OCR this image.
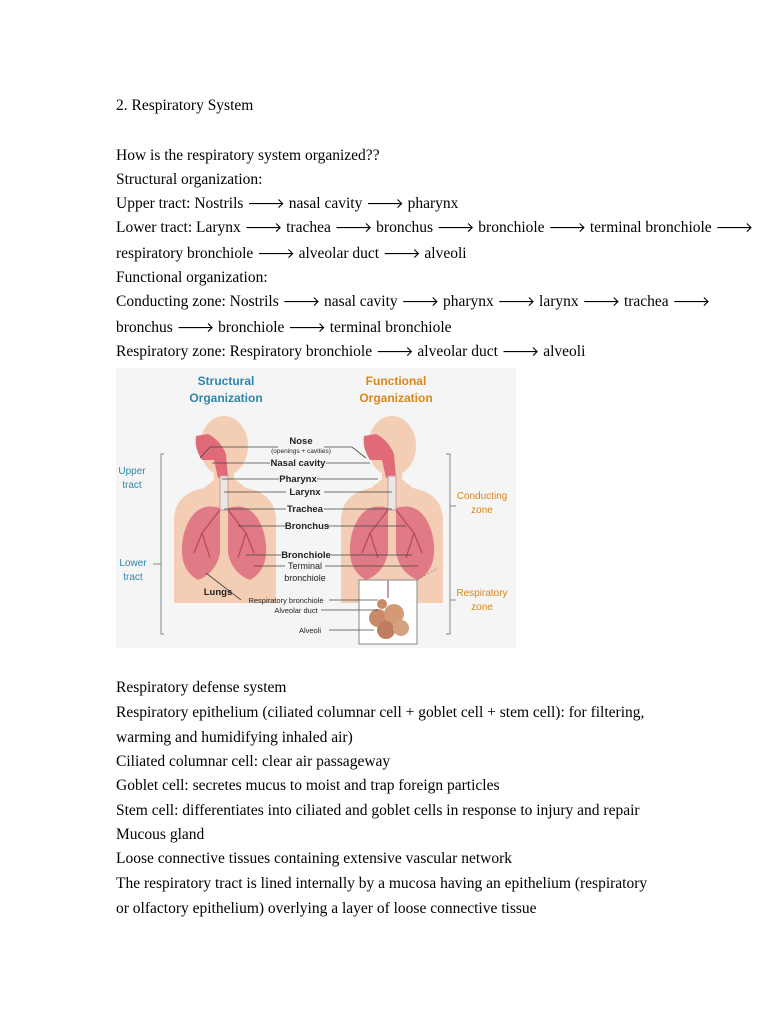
2. Respiratory System
How is the respiratory system organized??
Structural organization:
Upper tract: Nostrils 🡒 nasal cavity 🡒 pharynx
Lower tract: Larynx 🡒 trachea 🡒 bronchus 🡒 bronchiole 🡒 terminal bronchiole 🡒
respiratory bronchiole 🡒 alveolar duct 🡒 alveoli
Functional organization:
Conducting zone: Nostrils 🡒 nasal cavity 🡒 pharynx 🡒 larynx 🡒 trachea 🡒
bronchus 🡒 bronchiole 🡒 terminal bronchiole
Respiratory zone: Respiratory bronchiole 🡒 alveolar duct 🡒 alveoli
Structural
Organization
Functional
Organization
Upper
tract
Lower
tract
Conducting
zone
Respiratory
zone
Nose
(openings + cavities)
Nasal cavity
Pharynx
Larynx
Trachea
Bronchus
Bronchiole
Terminal
bronchiole
Lungs
Respiratory bronchiole
Alveolar duct
Alveoli
Respiratory defense system
Respiratory epithelium (ciliated columnar cell + goblet cell + stem cell): for filtering,
warming and humidifying inhaled air)
Ciliated columnar cell: clear air passageway
Goblet cell: secretes mucus to moist and trap foreign particles
Stem cell: differentiates into ciliated and goblet cells in response to injury and repair
Mucous gland
Loose connective tissues containing extensive vascular network
The respiratory tract is lined internally by a mucosa having an epithelium (respiratory
or olfactory epithelium) overlying a layer of loose connective tissue
